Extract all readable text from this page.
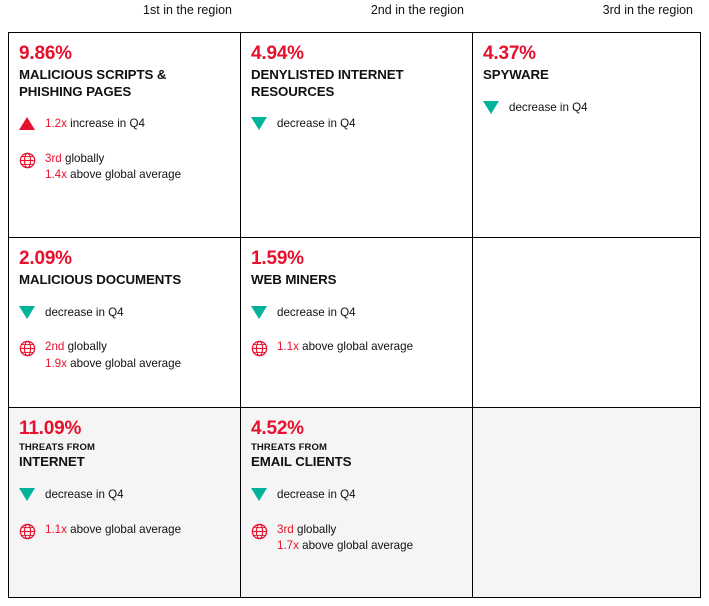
1st in the region	2nd in the region	3rd in the region
9.86%
MALICIOUS SCRIPTS & PHISHING PAGES
1.2x increase in Q4
3rd globally
1.4x above global average
4.94%
DENYLISTED INTERNET RESOURCES
decrease in Q4
4.37%
SPYWARE
decrease in Q4
2.09%
MALICIOUS DOCUMENTS
decrease in Q4
2nd globally
1.9x above global average
1.59%
WEB MINERS
decrease in Q4
1.1x above global average
11.09%
THREATS FROM
INTERNET
decrease in Q4
1.1x above global average
4.52%
THREATS FROM
EMAIL CLIENTS
decrease in Q4
3rd globally
1.7x above global average
